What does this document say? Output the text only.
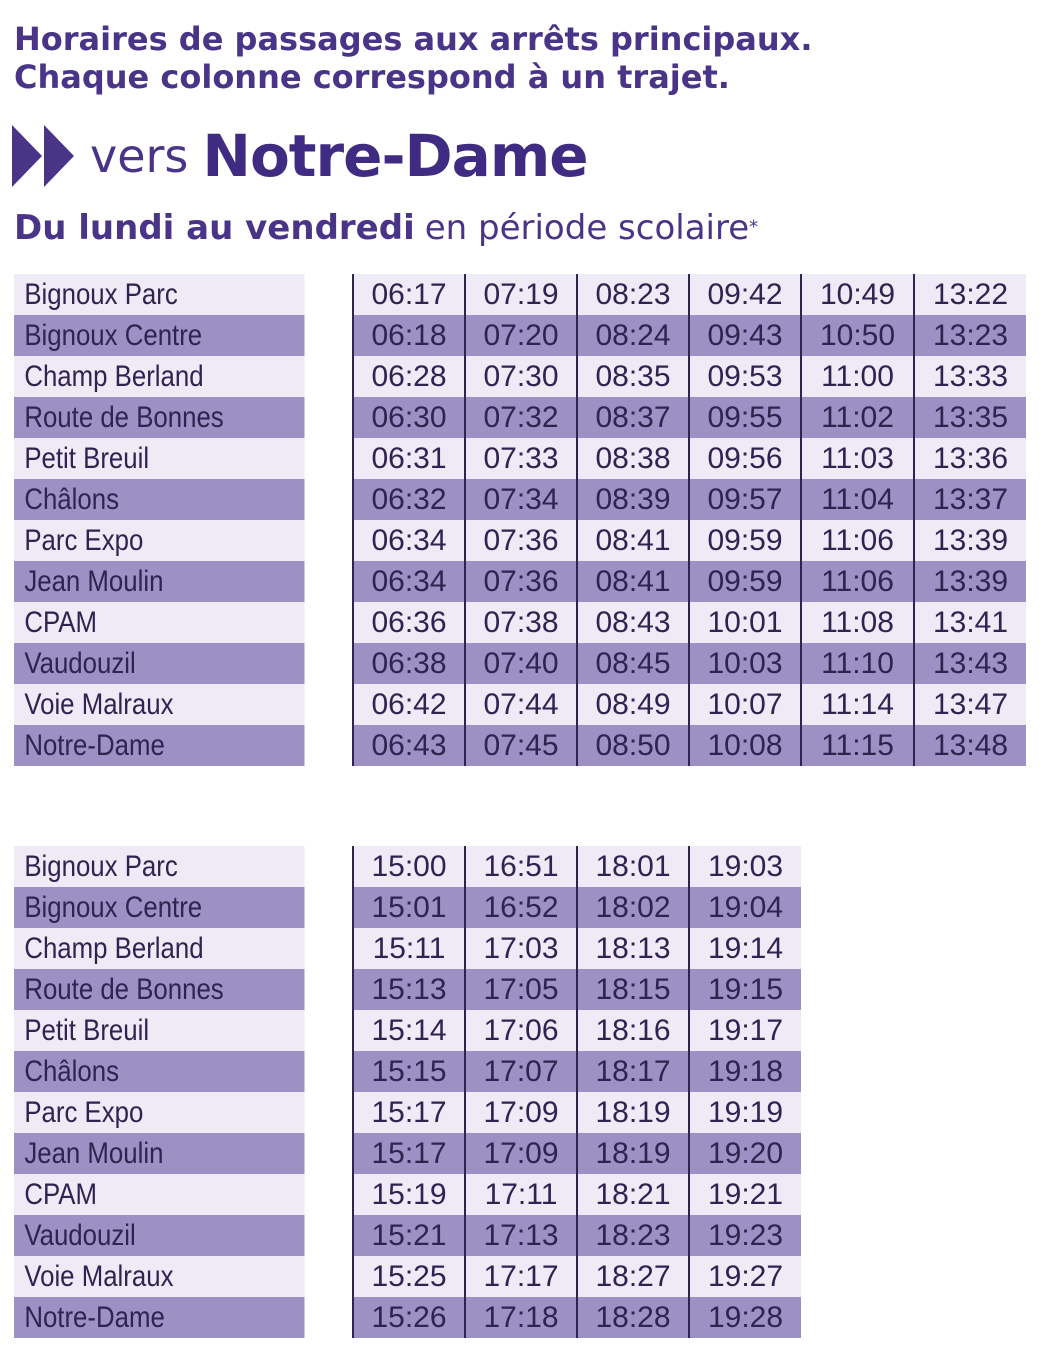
Horaires de passages aux arrêts principaux.
Chaque colonne correspond à un trajet.
vers Notre-Dame
Du lundi au vendredi en période scolaire*
Bignoux Parc	06:17	07:19	08:23	09:42	10:49	13:22
Bignoux Centre	06:18	07:20	08:24	09:43	10:50	13:23
Champ Berland	06:28	07:30	08:35	09:53	11:00	13:33
Route de Bonnes	06:30	07:32	08:37	09:55	11:02	13:35
Petit Breuil	06:31	07:33	08:38	09:56	11:03	13:36
Châlons	06:32	07:34	08:39	09:57	11:04	13:37
Parc Expo	06:34	07:36	08:41	09:59	11:06	13:39
Jean Moulin	06:34	07:36	08:41	09:59	11:06	13:39
CPAM	06:36	07:38	08:43	10:01	11:08	13:41
Vaudouzil	06:38	07:40	08:45	10:03	11:10	13:43
Voie Malraux	06:42	07:44	08:49	10:07	11:14	13:47
Notre-Dame	06:43	07:45	08:50	10:08	11:15	13:48
Bignoux Parc	15:00	16:51	18:01	19:03
Bignoux Centre	15:01	16:52	18:02	19:04
Champ Berland	15:11	17:03	18:13	19:14
Route de Bonnes	15:13	17:05	18:15	19:15
Petit Breuil	15:14	17:06	18:16	19:17
Châlons	15:15	17:07	18:17	19:18
Parc Expo	15:17	17:09	18:19	19:19
Jean Moulin	15:17	17:09	18:19	19:20
CPAM	15:19	17:11	18:21	19:21
Vaudouzil	15:21	17:13	18:23	19:23
Voie Malraux	15:25	17:17	18:27	19:27
Notre-Dame	15:26	17:18	18:28	19:28
